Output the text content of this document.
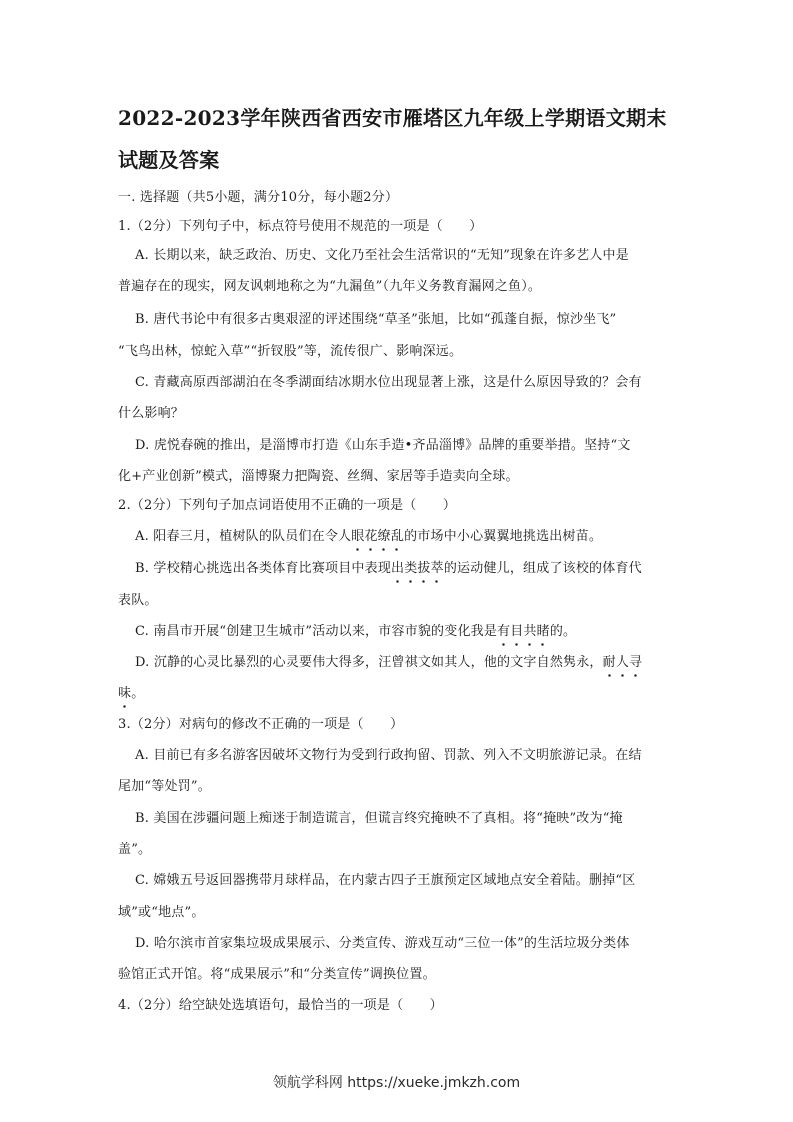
2022-2023学年陕西省西安市雁塔区九年级上学期语文期末
试题及答案
一. 选择题（共5小题，满分10分，每小题2分）
1.（2分）下列句子中，标点符号使用不规范的一项是（　　）
A. 长期以来，缺乏政治、历史、文化乃至社会生活常识的“无知”现象在许多艺人中是
普遍存在的现实，网友讽刺地称之为“九漏鱼”（九年义务教育漏网之鱼）。
B. 唐代书论中有很多古奥艰涩的评述围绕“草圣”张旭，比如“孤蓬自振，惊沙坐飞”
“飞鸟出林，惊蛇入草”“折钗股”等，流传很广、影响深远。
C. 青藏高原西部湖泊在冬季湖面结冰期水位出现显著上涨，这是什么原因导致的？会有
什么影响？
D. 虎悦春碗的推出，是淄博市打造《山东手造•齐品淄博》品牌的重要举措。坚持“文
化+产业创新”模式，淄博聚力把陶瓷、丝绸、家居等手造卖向全球。
2.（2分）下列句子加点词语使用不正确的一项是（　　）
A. 阳春三月，植树队的队员们在令人眼花缭乱的市场中小心翼翼地挑选出树苗。
B. 学校精心挑选出各类体育比赛项目中表现出类拔萃的运动健儿，组成了该校的体育代
表队。
C. 南昌市开展“创建卫生城市”活动以来，市容市貌的变化我是有目共睹的。
D. 沉静的心灵比暴烈的心灵要伟大得多，汪曾祺文如其人，他的文字自然隽永，耐人寻
味。
3.（2分）对病句的修改不正确的一项是（　　）
A. 目前已有多名游客因破坏文物行为受到行政拘留、罚款、列入不文明旅游记录。在结
尾加“等处罚”。
B. 美国在涉疆问题上痴迷于制造谎言，但谎言终究掩映不了真相。将“掩映”改为“掩
盖”。
C. 嫦娥五号返回器携带月球样品，在内蒙古四子王旗预定区域地点安全着陆。删掉“区
域”或“地点”。
D. 哈尔滨市首家集垃圾成果展示、分类宣传、游戏互动“三位一体”的生活垃圾分类体
验馆正式开馆。将“成果展示”和“分类宣传”调换位置。
4.（2分）给空缺处选填语句，最恰当的一项是（　　）
领航学科网 https://xueke.jmkzh.com
